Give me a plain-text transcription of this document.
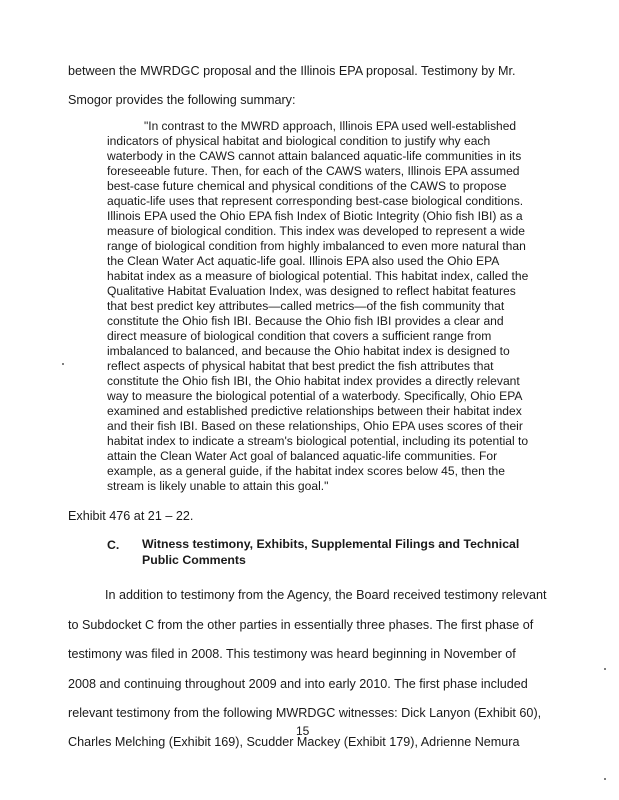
between the MWRDGC proposal and the Illinois EPA proposal. Testimony by Mr.
Smogor provides the following summary:
"In contrast to the MWRD approach, Illinois EPA used well-established
indicators of physical habitat and biological condition to justify why each
waterbody in the CAWS cannot attain balanced aquatic-life communities in its
foreseeable future. Then, for each of the CAWS waters, Illinois EPA assumed
best-case future chemical and physical conditions of the CAWS to propose
aquatic-life uses that represent corresponding best-case biological conditions.
Illinois EPA used the Ohio EPA fish Index of Biotic Integrity (Ohio fish IBI) as a
measure of biological condition. This index was developed to represent a wide
range of biological condition from highly imbalanced to even more natural than
the Clean Water Act aquatic-life goal. Illinois EPA also used the Ohio EPA
habitat index as a measure of biological potential. This habitat index, called the
Qualitative Habitat Evaluation Index, was designed to reflect habitat features
that best predict key attributes—called metrics—of the fish community that
constitute the Ohio fish IBI. Because the Ohio fish IBI provides a clear and
direct measure of biological condition that covers a sufficient range from
imbalanced to balanced, and because the Ohio habitat index is designed to
reflect aspects of physical habitat that best predict the fish attributes that
constitute the Ohio fish IBI, the Ohio habitat index provides a directly relevant
way to measure the biological potential of a waterbody. Specifically, Ohio EPA
examined and established predictive relationships between their habitat index
and their fish IBI. Based on these relationships, Ohio EPA uses scores of their
habitat index to indicate a stream's biological potential, including its potential to
attain the Clean Water Act goal of balanced aquatic-life communities. For
example, as a general guide, if the habitat index scores below 45, then the
stream is likely unable to attain this goal."
Exhibit 476 at 21 – 22.
C. Witness testimony, Exhibits, Supplemental Filings and Technical
Public Comments
In addition to testimony from the Agency, the Board received testimony relevant
to Subdocket C from the other parties in essentially three phases. The first phase of
testimony was filed in 2008. This testimony was heard beginning in November of
2008 and continuing throughout 2009 and into early 2010. The first phase included
relevant testimony from the following MWRDGC witnesses: Dick Lanyon (Exhibit 60),
Charles Melching (Exhibit 169), Scudder Mackey (Exhibit 179), Adrienne Nemura
15
